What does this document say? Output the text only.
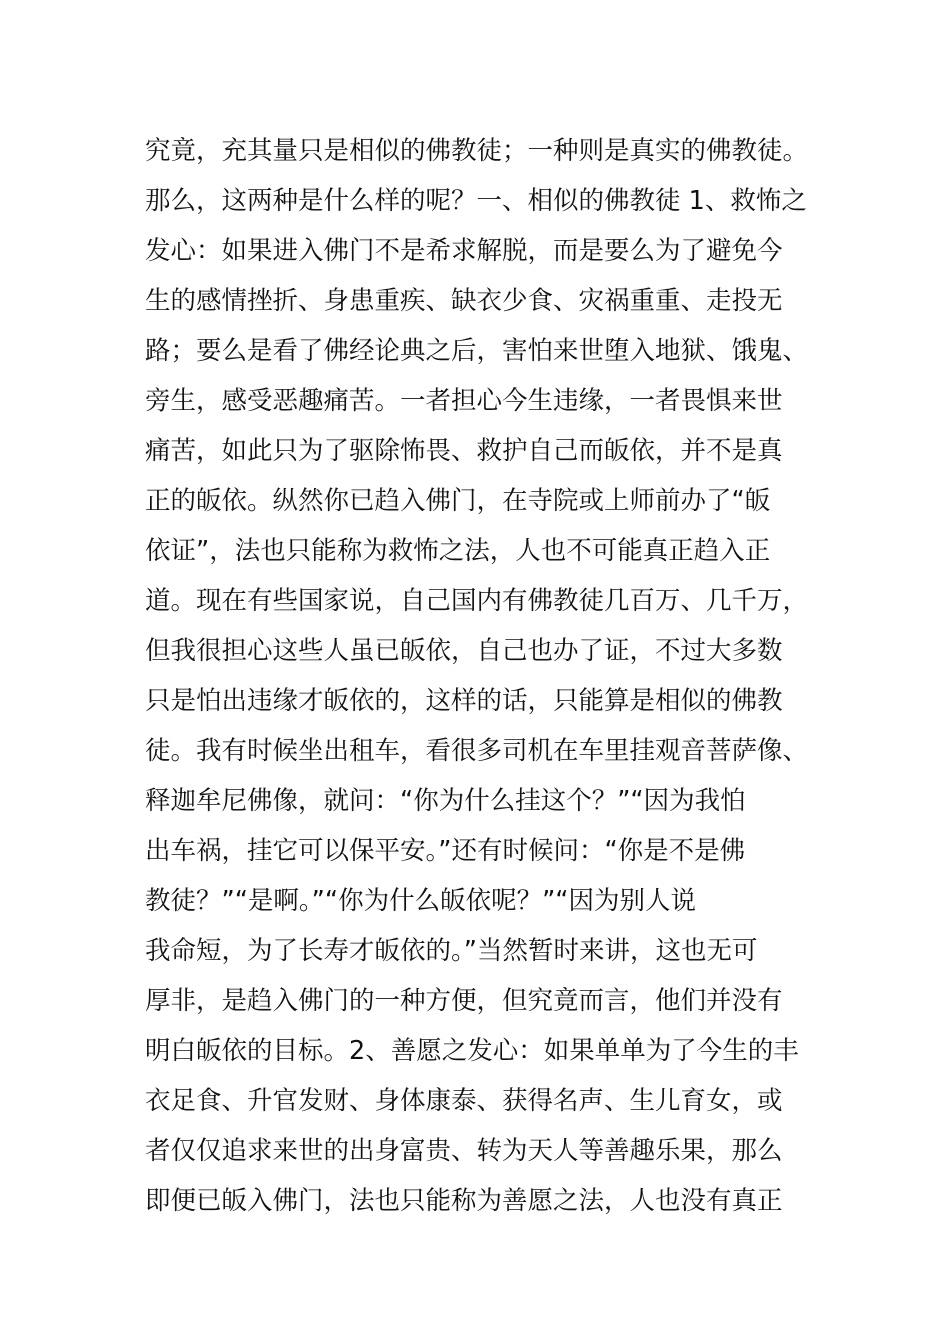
究竟，充其量只是相似的佛教徒；一种则是真实的佛教徒。
那么，这两种是什么样的呢？一、相似的佛教徒 1、救怖之
发心：如果进入佛门不是希求解脱，而是要么为了避免今
生的感情挫折、身患重疾、缺衣少食、灾祸重重、走投无
路；要么是看了佛经论典之后，害怕来世堕入地狱、饿鬼、
旁生，感受恶趣痛苦。一者担心今生违缘，一者畏惧来世
痛苦，如此只为了驱除怖畏、救护自己而皈依，并不是真
正的皈依。纵然你已趋入佛门，在寺院或上师前办了“皈
依证”，法也只能称为救怖之法，人也不可能真正趋入正
道。现在有些国家说，自己国内有佛教徒几百万、几千万，
但我很担心这些人虽已皈依，自己也办了证，不过大多数
只是怕出违缘才皈依的，这样的话，只能算是相似的佛教
徒。我有时候坐出租车，看很多司机在车里挂观音菩萨像、
释迦牟尼佛像，就问：“你为什么挂这个？”“因为我怕
出车祸，挂它可以保平安。”还有时候问：“你是不是佛
教徒？”“是啊。”“你为什么皈依呢？”“因为别人说
我命短，为了长寿才皈依的。”当然暂时来讲，这也无可
厚非，是趋入佛门的一种方便，但究竟而言，他们并没有
明白皈依的目标。2、善愿之发心：如果单单为了今生的丰
衣足食、升官发财、身体康泰、获得名声、生儿育女，或
者仅仅追求来世的出身富贵、转为天人等善趣乐果，那么
即便已皈入佛门，法也只能称为善愿之法，人也没有真正
